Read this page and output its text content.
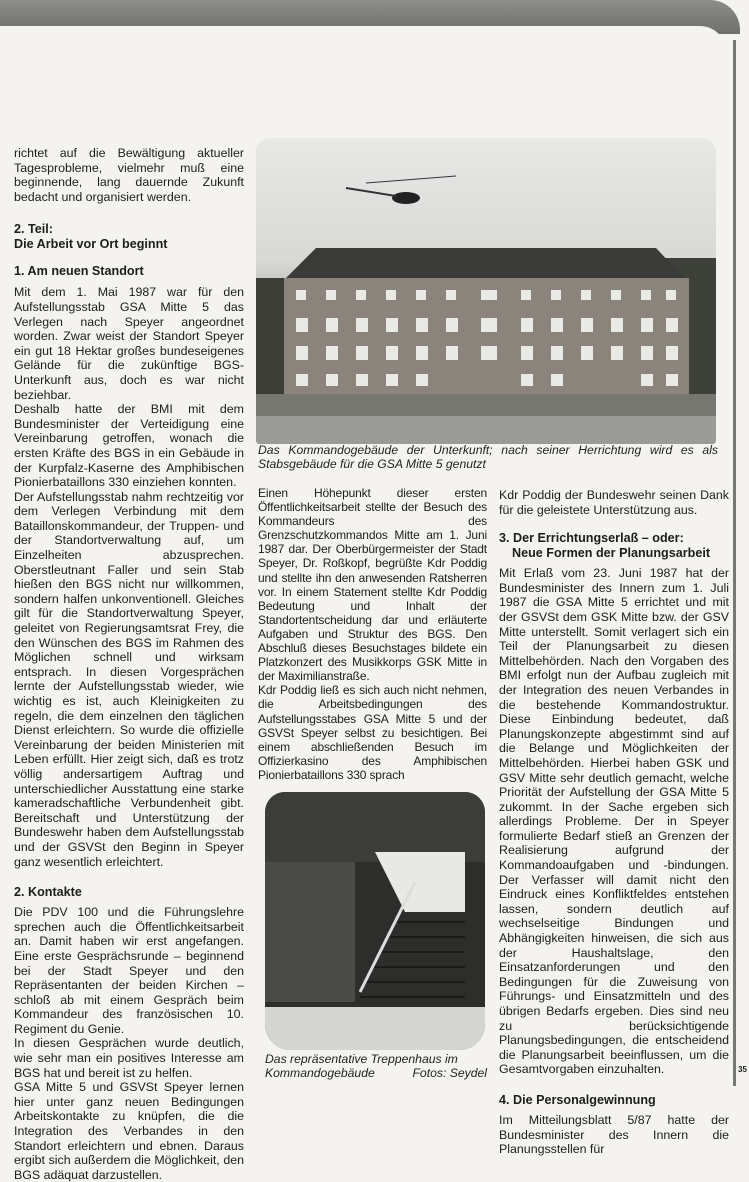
richtet auf die Bewältigung aktueller Tagesprobleme, vielmehr muß eine beginnende, lang dauernde Zukunft bedacht und organisiert werden.

2. Teil:
Die Arbeit vor Ort beginnt
1. Am neuen Standort

Mit dem 1. Mai 1987 war für den Aufstellungsstab GSA Mitte 5 das Verlegen nach Speyer angeordnet worden. Zwar weist der Standort Speyer ein gut 18 Hektar großes bundeseigenes Gelände für die zukünftige BGS-Unterkunft aus, doch es war nicht beziehbar.

Deshalb hatte der BMI mit dem Bundesminister der Verteidigung eine Vereinbarung getroffen, wonach die ersten Kräfte des BGS in ein Gebäude in der Kurpfalz-Kaserne des Amphibischen Pionierbataillons 330 einziehen konnten.

Der Aufstellungsstab nahm rechtzeitig vor dem Verlegen Verbindung mit dem Bataillonskommandeur, der Truppen- und der Standortverwaltung auf, um Einzelheiten abzusprechen. Oberstleutnant Faller und sein Stab hießen den BGS nicht nur willkommen, sondern halfen unkonventionell. Gleiches gilt für die Standortverwaltung Speyer, geleitet von Regierungsamtsrat Frey, die den Wünschen des BGS im Rahmen des Möglichen schnell und wirksam entsprach. In diesen Vorgesprächen lernte der Aufstellungsstab wieder, wie wichtig es ist, auch Kleinigkeiten zu regeln, die dem einzelnen den täglichen Dienst erleichtern. So wurde die offizielle Vereinbarung der beiden Ministerien mit Leben erfüllt. Hier zeigt sich, daß es trotz völlig andersartigem Auftrag und unterschiedlicher Ausstattung eine starke kameradschaftliche Verbundenheit gibt. Bereitschaft und Unterstützung der Bundeswehr haben dem Aufstellungsstab und der GSVSt den Beginn in Speyer ganz wesentlich erleichtert.

2. Kontakte

Die PDV 100 und die Führungslehre sprechen auch die Öffentlichkeitsarbeit an. Damit haben wir erst angefangen. Eine erste Gesprächsrunde – beginnend bei der Stadt Speyer und den Repräsentanten der beiden Kirchen – schloß ab mit einem Gespräch beim Kommandeur des französischen 10. Regiment du Genie.

In diesen Gesprächen wurde deutlich, wie sehr man ein positives Interesse am BGS hat und bereit ist zu helfen.

GSA Mitte 5 und GSVSt Speyer lernen hier unter ganz neuen Bedingungen Arbeitskontakte zu knüpfen, die die Integration des Verbandes in den Standort erleichtern und ebnen. Daraus ergibt sich außerdem die Möglichkeit, den BGS adäquat darzustellen.

Das Kommandogebäude der Unterkunft; nach seiner Herrichtung wird es als Stabsgebäude für die GSA Mitte 5 genutzt

Einen Höhepunkt dieser ersten Öffentlichkeitsarbeit stellte der Besuch des Kommandeurs des Grenzschutzkommandos Mitte am 1. Juni 1987 dar. Der Oberbürgermeister der Stadt Speyer, Dr. Roßkopf, begrüßte Kdr Poddig und stellte ihn den anwesenden Ratsherren vor. In einem Statement stellte Kdr Poddig Bedeutung und Inhalt der Standortentscheidung dar und erläuterte Aufgaben und Struktur des BGS. Den Abschluß dieses Besuchstages bildete ein Platzkonzert des Musikkorps GSK Mitte in der Maximilianstraße.

Kdr Poddig ließ es sich auch nicht nehmen, die Arbeitsbedingungen des Aufstellungsstabes GSA Mitte 5 und der GSVSt Speyer selbst zu besichtigen. Bei einem abschließenden Besuch im Offizierkasino des Amphibischen Pionierbataillons 330 sprach

Das repräsentative Treppenhaus im Kommandogebäude	Fotos: Seydel

Kdr Poddig der Bundeswehr seinen Dank für die geleistete Unterstützung aus.

3. Der Errichtungserlaß – oder:
Neue Formen der Planungsarbeit

Mit Erlaß vom 23. Juni 1987 hat der Bundesminister des Innern zum 1. Juli 1987 die GSA Mitte 5 errichtet und mit der GSVSt dem GSK Mitte bzw. der GSV Mitte unterstellt. Somit verlagert sich ein Teil der Planungsarbeit zu diesen Mittelbehörden. Nach den Vorgaben des BMI erfolgt nun der Aufbau zugleich mit der Integration des neuen Verbandes in die bestehende Kommandostruktur. Diese Einbindung bedeutet, daß Planungskonzepte abgestimmt sind auf die Belange und Möglichkeiten der Mittelbehörden. Hierbei haben GSK und GSV Mitte sehr deutlich gemacht, welche Priorität der Aufstellung der GSA Mitte 5 zukommt. In der Sache ergeben sich allerdings Probleme. Der in Speyer formulierte Bedarf stieß an Grenzen der Realisierung aufgrund der Kommandoaufgaben und -bindungen. Der Verfasser will damit nicht den Eindruck eines Konfliktfeldes entstehen lassen, sondern deutlich auf wechselseitige Bindungen und Abhängigkeiten hinweisen, die sich aus der Haushaltslage, den Einsatzanforderungen und den Bedingungen für die Zuweisung von Führungs- und Einsatzmitteln und des übrigen Bedarfs ergeben. Dies sind neu zu berücksichtigende Planungsbedingungen, die entscheidend die Planungsarbeit beeinflussen, um die Gesamtvorgaben einzuhalten.

4. Die Personalgewinnung

Im Mitteilungsblatt 5/87 hatte der Bundesminister des Innern die Planungsstellen für

35
